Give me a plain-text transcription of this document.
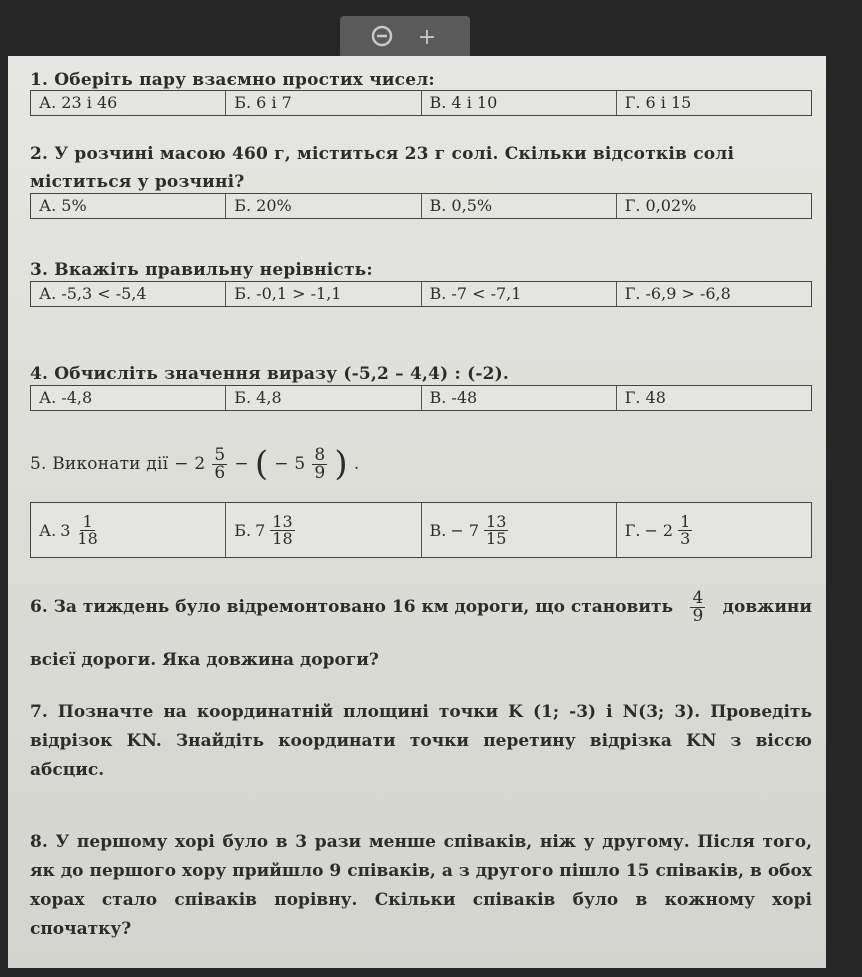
+
1. Оберіть пару взаємно простих чисел:
А. 23 і 46	Б. 6 і 7	В. 4 і 10	Г. 6 і 15
2. У розчині масою 460 г, міститься 23 г солі. Скільки відсотків солі
міститься у розчині?
А. 5%	Б. 20%	В. 0,5%	Г. 0,02%
3. Вкажіть правильну нерівність:
А. -5,3 < -5,4	Б. -0,1 > -1,1	В. -7 < -7,1	Г. -6,9 > -6,8
4. Обчисліть значення виразу (-5,2 – 4,4) : (-2).
А. -4,8	Б. 4,8	В. -48	Г. 48
5. Виконати дії − $2 \frac{5}{6}$ − ( − $5 \frac{8}{9}$ ) .
А. $3 \frac{1}{18}$	Б. $7 \frac{13}{18}$	В. − $7 \frac{13}{15}$	Г. − $2 \frac{1}{3}$
6. За тиждень було відремонтовано 16 км дороги, що становить $\frac{4}{9}$ довжини
всієї дороги. Яка довжина дороги?
7. Позначте на координатній площині точки K (1; -3) і N(3; 3). Проведіть відрізок KN. Знайдіть координати точки перетину відрізка KN з віссю абсцис.
8. У першому хорі було в 3 рази менше співаків, ніж у другому. Після того, як до першого хору прийшло 9 співаків, а з другого пішло 15 співаків, в обох хорах стало співаків порівну. Скільки співаків було в кожному хорі спочатку?
